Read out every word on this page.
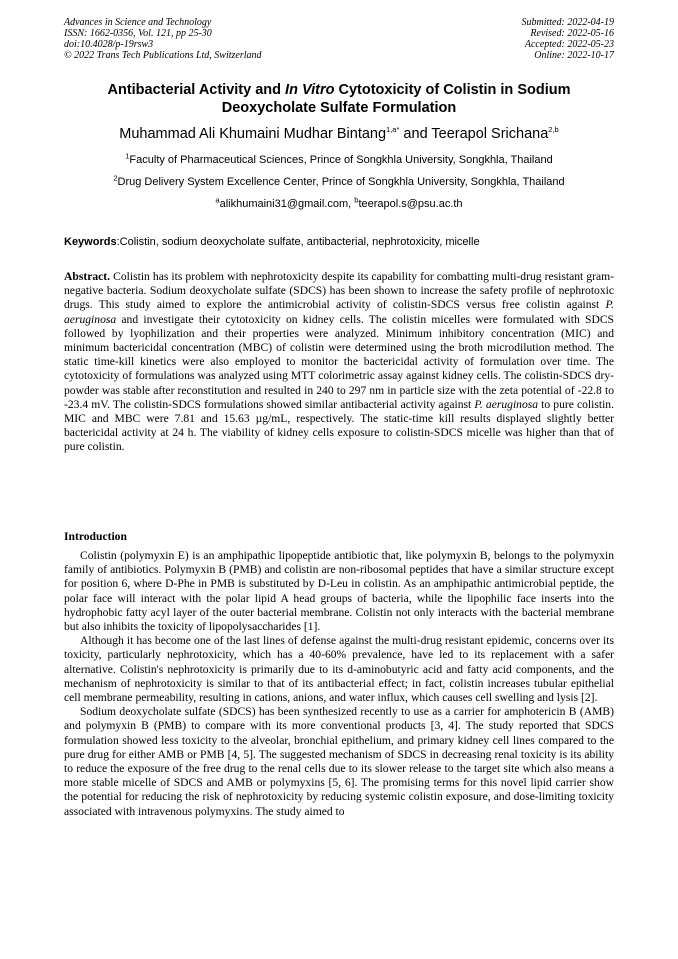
Advances in Science and Technology
ISSN: 1662-0356, Vol. 121, pp 25-30
doi:10.4028/p-19rsw3
© 2022 Trans Tech Publications Ltd, Switzerland
Submitted: 2022-04-19
Revised: 2022-05-16
Accepted: 2022-05-23
Online: 2022-10-17
Antibacterial Activity and In Vitro Cytotoxicity of Colistin in Sodium Deoxycholate Sulfate Formulation
Muhammad Ali Khumaini Mudhar Bintang$^{1,a*}$ and Teerapol Srichana$^{2,b}$
$^1$Faculty of Pharmaceutical Sciences, Prince of Songkhla University, Songkhla, Thailand
$^2$Drug Delivery System Excellence Center, Prince of Songkhla University, Songkhla, Thailand
$^a$alikhumaini31@gmail.com, $^b$teerapol.s@psu.ac.th
Keywords:Colistin, sodium deoxycholate sulfate, antibacterial, nephrotoxicity, micelle
Abstract. Colistin has its problem with nephrotoxicity despite its capability for combatting multi-drug resistant gram-negative bacteria. Sodium deoxycholate sulfate (SDCS) has been shown to increase the safety profile of nephrotoxic drugs. This study aimed to explore the antimicrobial activity of colistin-SDCS versus free colistin against P. aeruginosa and investigate their cytotoxicity on kidney cells. The colistin micelles were formulated with SDCS followed by lyophilization and their properties were analyzed. Minimum inhibitory concentration (MIC) and minimum bactericidal concentration (MBC) of colistin were determined using the broth microdilution method. The static time-kill kinetics were also employed to monitor the bactericidal activity of formulation over time. The cytotoxicity of formulations was analyzed using MTT colorimetric assay against kidney cells. The colistin-SDCS dry-powder was stable after reconstitution and resulted in 240 to 297 nm in particle size with the zeta potential of -22.8 to -23.4 mV. The colistin-SDCS formulations showed similar antibacterial activity against P. aeruginosa to pure colistin. MIC and MBC were 7.81 and 15.63 µg/mL, respectively. The static-time kill results displayed slightly better bactericidal activity at 24 h. The viability of kidney cells exposure to colistin-SDCS micelle was higher than that of pure colistin.
Introduction

Colistin (polymyxin E) is an amphipathic lipopeptide antibiotic that, like polymyxin B, belongs to the polymyxin family of antibiotics. Polymyxin B (PMB) and colistin are non-ribosomal peptides that have a similar structure except for position 6, where D-Phe in PMB is substituted by D-Leu in colistin. As an amphipathic antimicrobial peptide, the polar face will interact with the polar lipid A head groups of bacteria, while the lipophilic face inserts into the hydrophobic fatty acyl layer of the outer bacterial membrane. Colistin not only interacts with the bacterial membrane but also inhibits the toxicity of lipopolysaccharides [1].

Although it has become one of the last lines of defense against the multi-drug resistant epidemic, concerns over its toxicity, particularly nephrotoxicity, which has a 40-60% prevalence, have led to its replacement with a safer alternative. Colistin's nephrotoxicity is primarily due to its d-aminobutyric acid and fatty acid components, and the mechanism of nephrotoxicity is similar to that of its antibacterial effect; in fact, colistin increases tubular epithelial cell membrane permeability, resulting in cations, anions, and water influx, which causes cell swelling and lysis [2].

Sodium deoxycholate sulfate (SDCS) has been synthesized recently to use as a carrier for amphotericin B (AMB) and polymyxin B (PMB) to compare with its more conventional products [3, 4]. The study reported that SDCS formulation showed less toxicity to the alveolar, bronchial epithelium, and primary kidney cell lines compared to the pure drug for either AMB or PMB [4, 5]. The suggested mechanism of SDCS in decreasing renal toxicity is its ability to reduce the exposure of the free drug to the renal cells due to its slower release to the target site which also means a more stable micelle of SDCS and AMB or polymyxins [5, 6]. The promising terms for this novel lipid carrier show the potential for reducing the risk of nephrotoxicity by reducing systemic colistin exposure, and dose-limiting toxicity associated with intravenous polymyxins. The study aimed to
